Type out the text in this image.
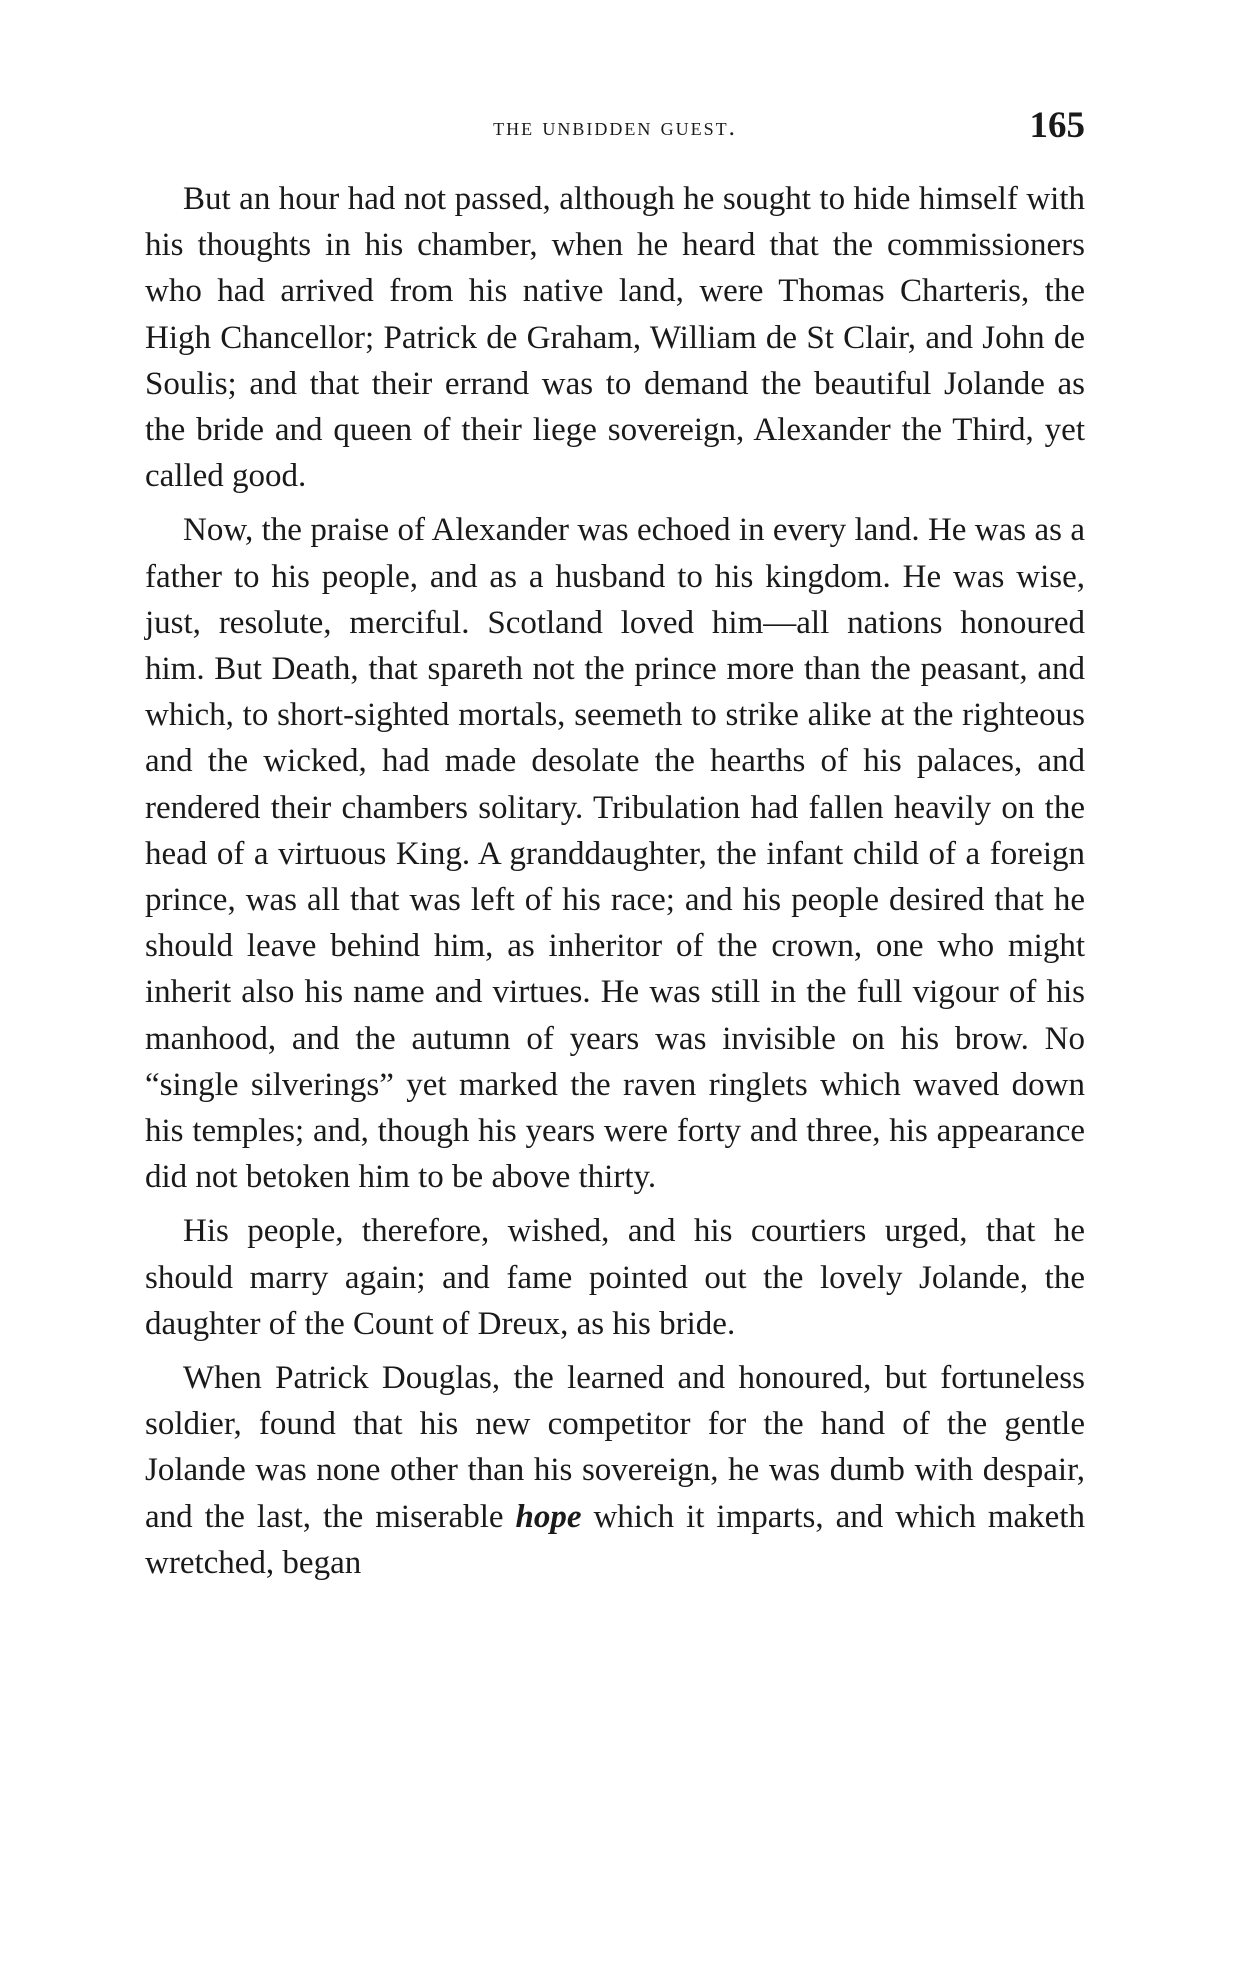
the unbidden guest.	165

But an hour had not passed, although he sought to hide himself with his thoughts in his chamber, when he heard that the commissioners who had arrived from his native land, were Thomas Charteris, the High Chancellor; Patrick de Graham, William de St Clair, and John de Soulis; and that their errand was to demand the beautiful Jolande as the bride and queen of their liege sovereign, Alexander the Third, yet called good.

Now, the praise of Alexander was echoed in every land. He was as a father to his people, and as a husband to his kingdom. He was wise, just, resolute, merciful. Scotland loved him—all nations honoured him. But Death, that spareth not the prince more than the peasant, and which, to short-sighted mortals, seemeth to strike alike at the righteous and the wicked, had made desolate the hearths of his palaces, and rendered their chambers solitary. Tribulation had fallen heavily on the head of a virtuous King. A granddaughter, the infant child of a foreign prince, was all that was left of his race; and his people desired that he should leave behind him, as inheritor of the crown, one who might inherit also his name and virtues. He was still in the full vigour of his manhood, and the autumn of years was invisible on his brow. No “single silverings” yet marked the raven ringlets which waved down his temples; and, though his years were forty and three, his appearance did not betoken him to be above thirty.

His people, therefore, wished, and his courtiers urged, that he should marry again; and fame pointed out the lovely Jolande, the daughter of the Count of Dreux, as his bride.

When Patrick Douglas, the learned and honoured, but fortuneless soldier, found that his new competitor for the hand of the gentle Jolande was none other than his sovereign, he was dumb with despair, and the last, the miserable hope which it imparts, and which maketh wretched, began
